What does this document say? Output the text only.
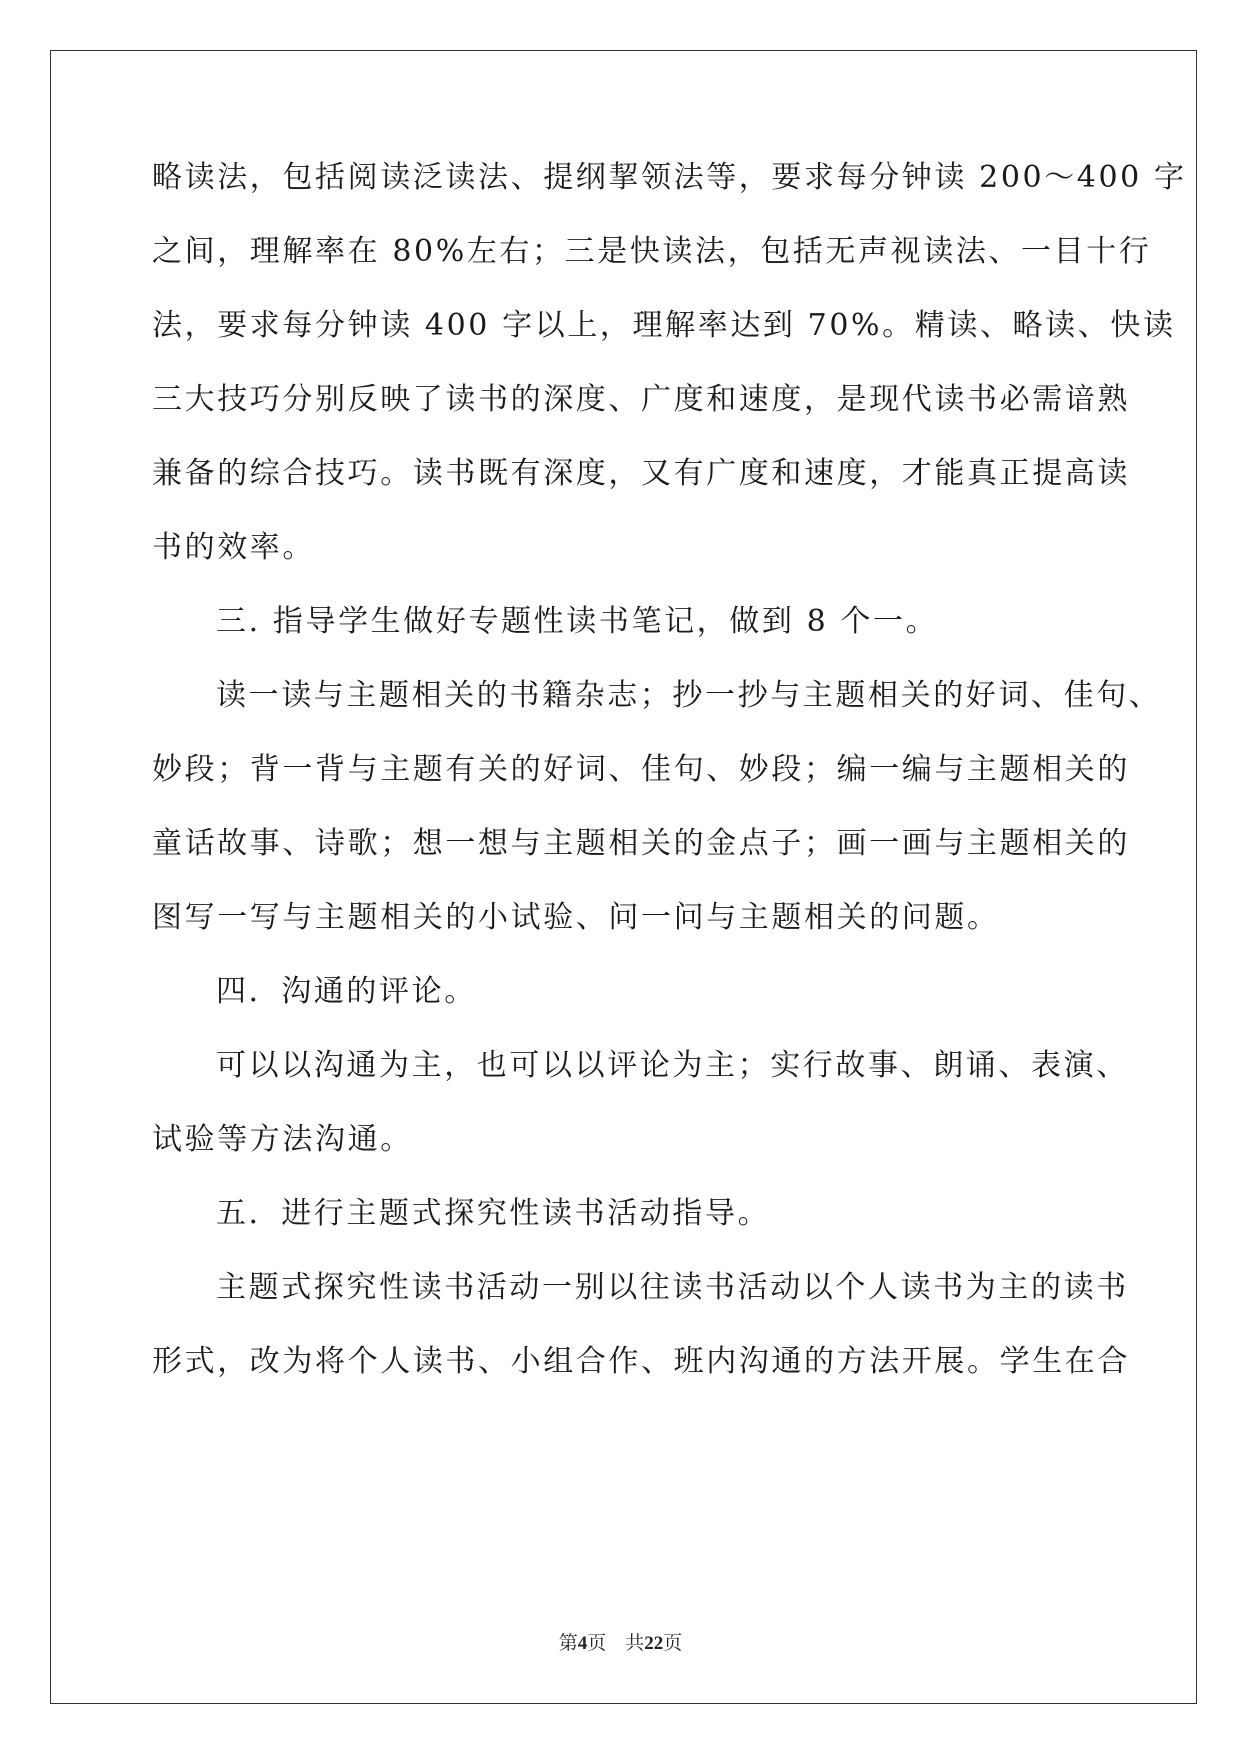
略读法，包括阅读泛读法、提纲挈领法等，要求每分钟读 200～400 字
之间，理解率在 80%左右；三是快读法，包括无声视读法、一目十行
法，要求每分钟读 400 字以上，理解率达到 70%。精读、略读、快读
三大技巧分别反映了读书的深度、广度和速度，是现代读书必需谙熟
兼备的综合技巧。读书既有深度，又有广度和速度，才能真正提高读
书的效率。
三. 指导学生做好专题性读书笔记，做到 8 个一。
读一读与主题相关的书籍杂志；抄一抄与主题相关的好词、佳句、
妙段；背一背与主题有关的好词、佳句、妙段；编一编与主题相关的
童话故事、诗歌；想一想与主题相关的金点子；画一画与主题相关的
图写一写与主题相关的小试验、问一问与主题相关的问题。
四．沟通的评论。
可以以沟通为主，也可以以评论为主；实行故事、朗诵、表演、
试验等方法沟通。
五．进行主题式探究性读书活动指导。
主题式探究性读书活动一别以往读书活动以个人读书为主的读书
形式，改为将个人读书、小组合作、班内沟通的方法开展。学生在合
第4页 共22页
